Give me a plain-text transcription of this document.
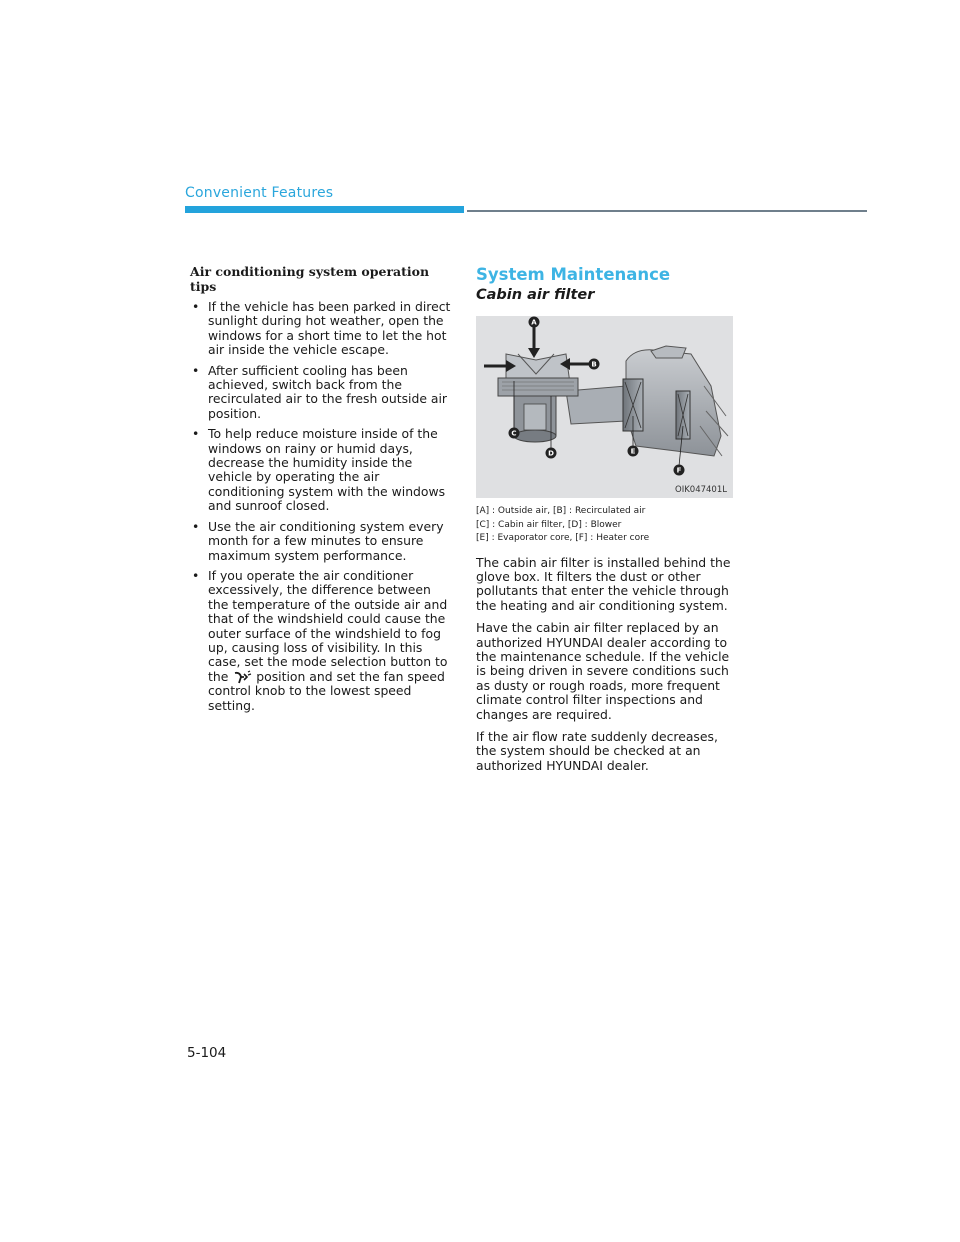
Convenient Features
Air conditioning system operation tips
• If the vehicle has been parked in direct sunlight during hot weather, open the windows for a short time to let the hot air inside the vehicle escape.
• After sufficient cooling has been achieved, switch back from the recirculated air to the fresh outside air position.
• To help reduce moisture inside of the windows on rainy or humid days, decrease the humidity inside the vehicle by operating the air conditioning system with the windows and sunroof closed.
• Use the air conditioning system every month for a few minutes to ensure maximum system performance.
• If you operate the air conditioner excessively, the difference between the temperature of the outside air and that of the windshield could cause the outer surface of the windshield to fog up, causing loss of visibility. In this case, set the mode selection button to the position and set the fan speed control knob to the lowest speed setting.
System Maintenance
Cabin air filter
A
B
C
D	E
F
OIK047401L
[A] : Outside air, [B] : Recirculated air
[C] : Cabin air filter, [D] : Blower
[E] : Evaporator core, [F] : Heater core

The cabin air filter is installed behind the glove box. It filters the dust or other pollutants that enter the vehicle through the heating and air conditioning system.

Have the cabin air filter replaced by an authorized HYUNDAI dealer according to the maintenance schedule. If the vehicle is being driven in severe conditions such as dusty or rough roads, more frequent climate control filter inspections and changes are required.

If the air flow rate suddenly decreases, the system should be checked at an authorized HYUNDAI dealer.

5-104
